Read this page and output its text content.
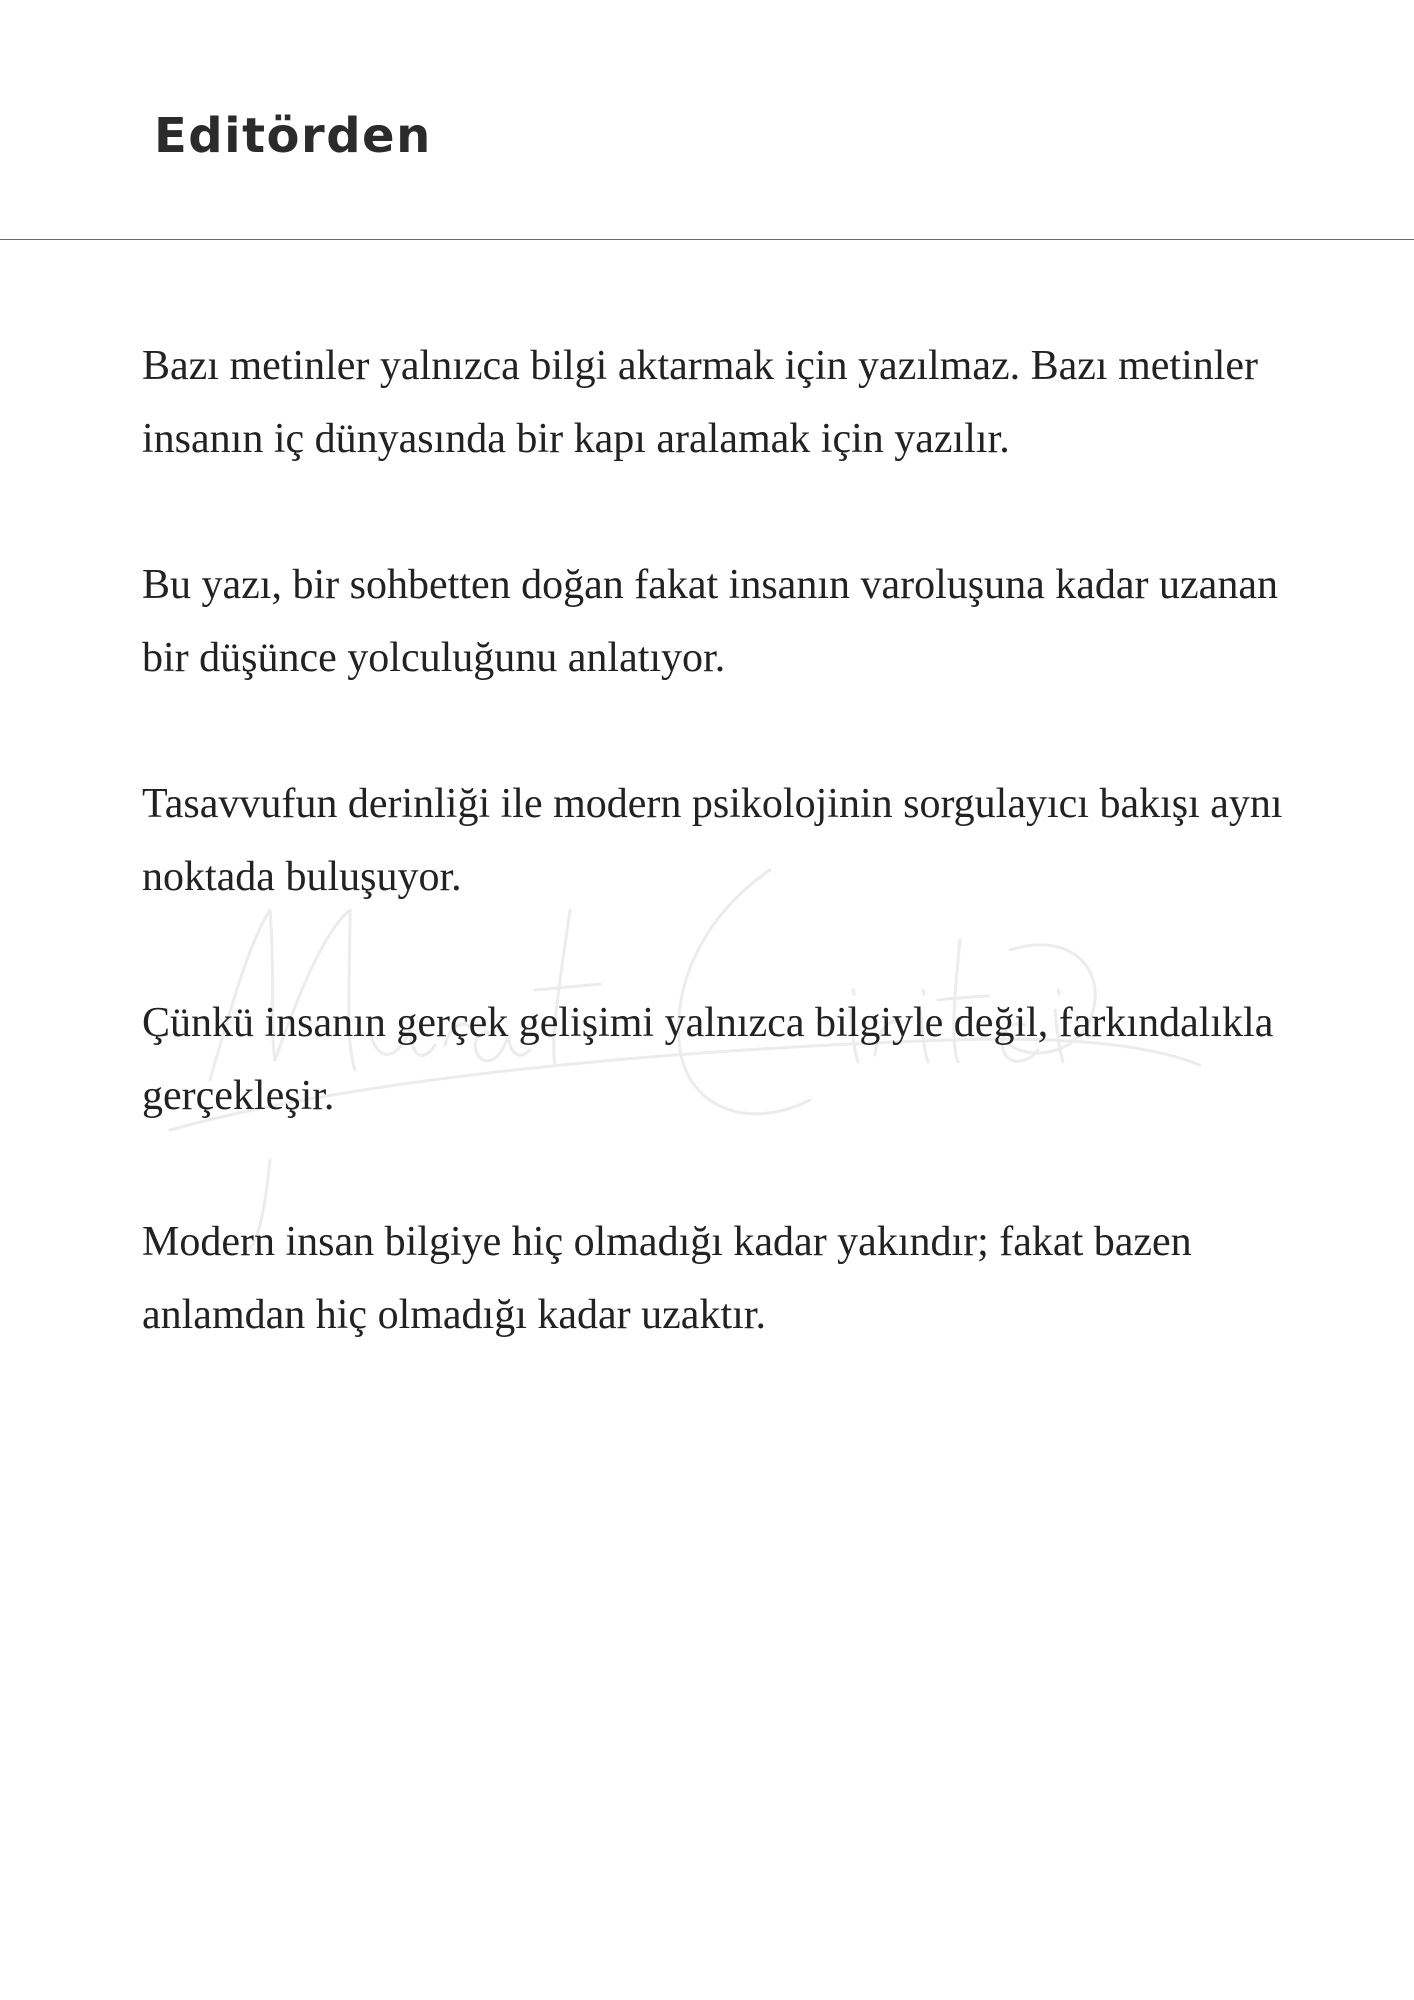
Editörden

Bazı metinler yalnızca bilgi aktarmak için yazılmaz. Bazı metinler insanın iç dünyasında bir kapı aralamak için yazılır.

Bu yazı, bir sohbetten doğan fakat insanın varoluşuna kadar uzanan bir düşünce yolculuğunu anlatıyor.

Tasavvufun derinliği ile modern psikolojinin sorgulayıcı bakışı aynı noktada buluşuyor.

Çünkü insanın gerçek gelişimi yalnızca bilgiyle değil, farkındalıkla gerçekleşir.

Modern insan bilgiye hiç olmadığı kadar yakındır; fakat bazen anlamdan hiç olmadığı kadar uzaktır.
